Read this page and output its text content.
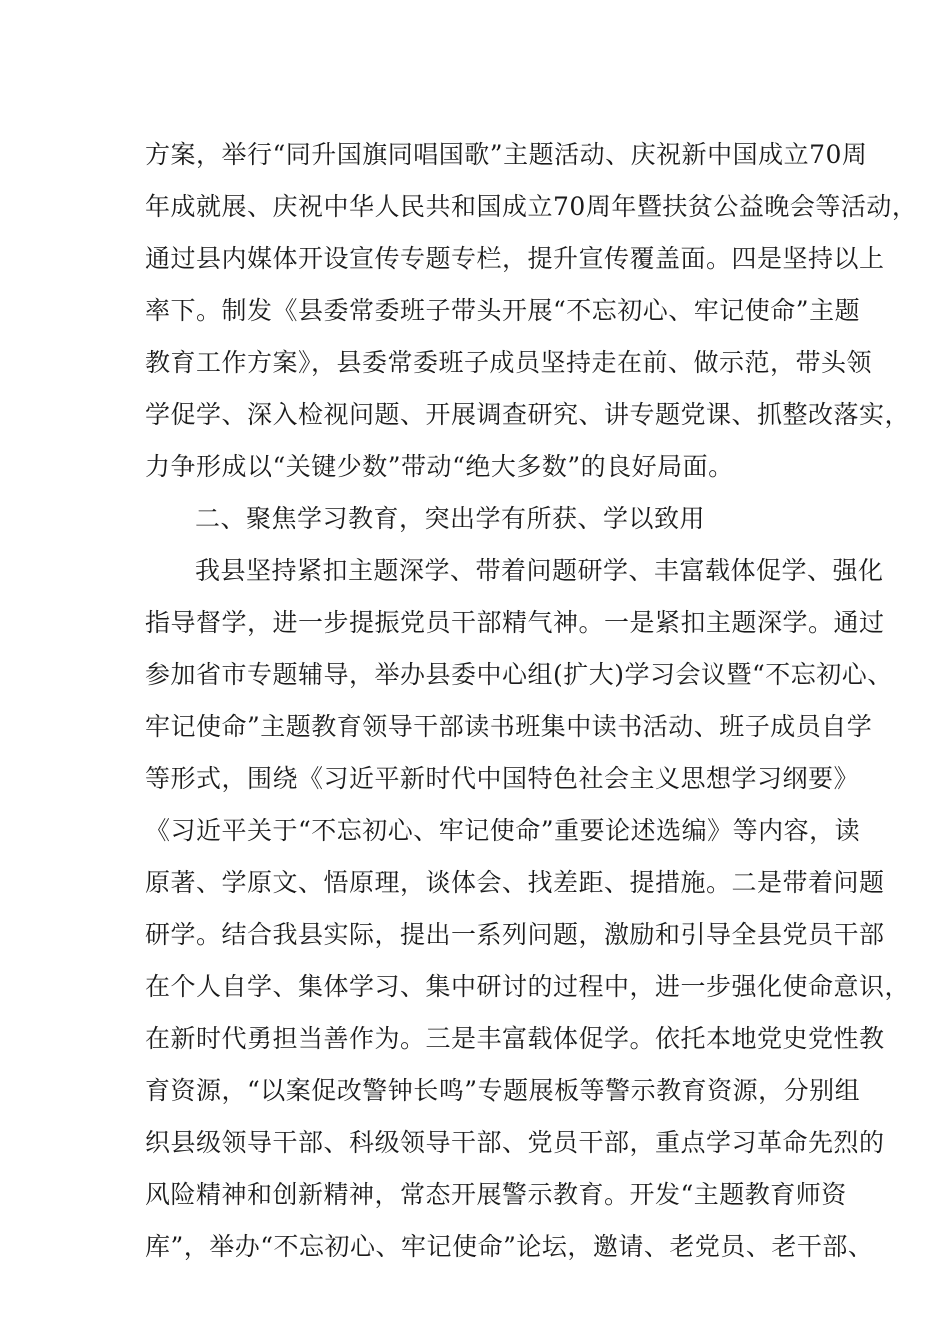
方案，举行“同升国旗同唱国歌”主题活动、庆祝新中国成立70周
年成就展、庆祝中华人民共和国成立70周年暨扶贫公益晚会等活动，
通过县内媒体开设宣传专题专栏，提升宣传覆盖面。四是坚持以上
率下。制发《县委常委班子带头开展“不忘初心、牢记使命”主题
教育工作方案》，县委常委班子成员坚持走在前、做示范，带头领
学促学、深入检视问题、开展调查研究、讲专题党课、抓整改落实，
力争形成以“关键少数”带动“绝大多数”的良好局面。
二、聚焦学习教育，突出学有所获、学以致用
我县坚持紧扣主题深学、带着问题研学、丰富载体促学、强化
指导督学，进一步提振党员干部精气神。一是紧扣主题深学。通过
参加省市专题辅导，举办县委中心组(扩大)学习会议暨“不忘初心、
牢记使命”主题教育领导干部读书班集中读书活动、班子成员自学
等形式，围绕《习近平新时代中国特色社会主义思想学习纲要》
《习近平关于“不忘初心、牢记使命”重要论述选编》等内容，读
原著、学原文、悟原理，谈体会、找差距、提措施。二是带着问题
研学。结合我县实际，提出一系列问题，激励和引导全县党员干部
在个人自学、集体学习、集中研讨的过程中，进一步强化使命意识，
在新时代勇担当善作为。三是丰富载体促学。依托本地党史党性教
育资源，“以案促改警钟长鸣”专题展板等警示教育资源，分别组
织县级领导干部、科级领导干部、党员干部，重点学习革命先烈的
风险精神和创新精神，常态开展警示教育。开发“主题教育师资
库”，举办“不忘初心、牢记使命”论坛，邀请、老党员、老干部、
